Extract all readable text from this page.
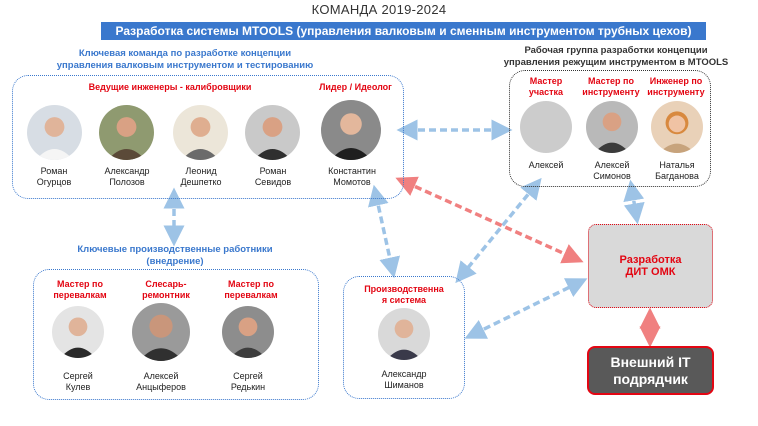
КОМАНДА 2019-2024
Разработка системы MTOOLS (управления валковым и сменным инструментом трубных цехов)
Ключевая команда по разработке концепции
управления валковым инструментом и тестированию
Ведущие инженеры - калибровщики	Лидер / Идеолог
Роман
Огурцов
Александр
Полозов
Леонид
Дешпетко
Роман
Севидов
Константин
Момотов
Рабочая группа разработки концепции
управления режущим инструментом в MTOOLS
Мастер
участка
Мастер по
инструменту
Инженер по
инструменту
Алексей	Алексей
Симонов
Наталья
Багданова
Ключевые производственные работники
(внедрение)
Мастер по
перевалкам
Слесарь-
ремонтник
Мастер по
перевалкам
Сергей
Кулев
Алексей
Анцыферов
Сергей
Редькин
Производственна
я система
Александр
Шиманов
Разработка
ДИТ ОМК
Внешний IT
подрядчик
